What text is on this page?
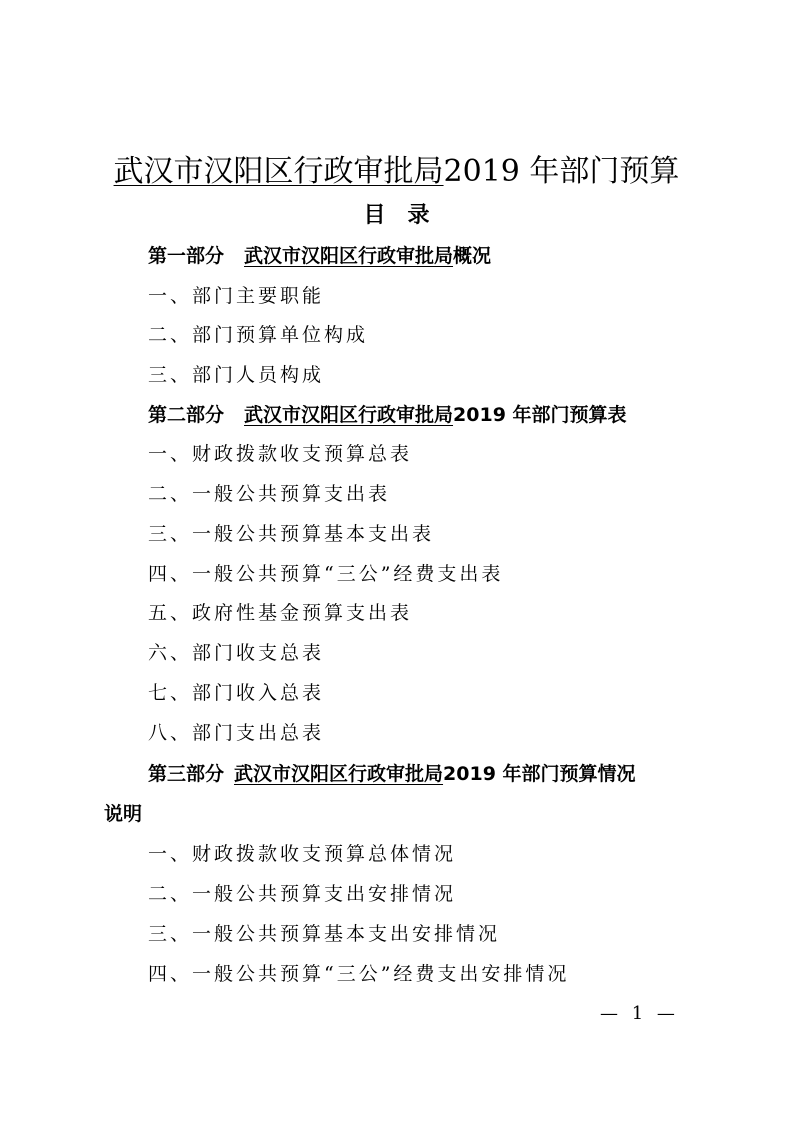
武汉市汉阳区行政审批局2019 年部门预算
目录
第一部分 武汉市汉阳区行政审批局概况
一、部门主要职能
二、部门预算单位构成
三、部门人员构成
第二部分 武汉市汉阳区行政审批局2019 年部门预算表
一、财政拨款收支预算总表
二、一般公共预算支出表
三、一般公共预算基本支出表
四、一般公共预算“三公”经费支出表
五、政府性基金预算支出表
六、部门收支总表
七、部门收入总表
八、部门支出总表
第三部分 武汉市汉阳区行政审批局2019 年部门预算情况
说明
一、财政拨款收支预算总体情况
二、一般公共预算支出安排情况
三、一般公共预算基本支出安排情况
四、一般公共预算“三公”经费支出安排情况
— 1 —
